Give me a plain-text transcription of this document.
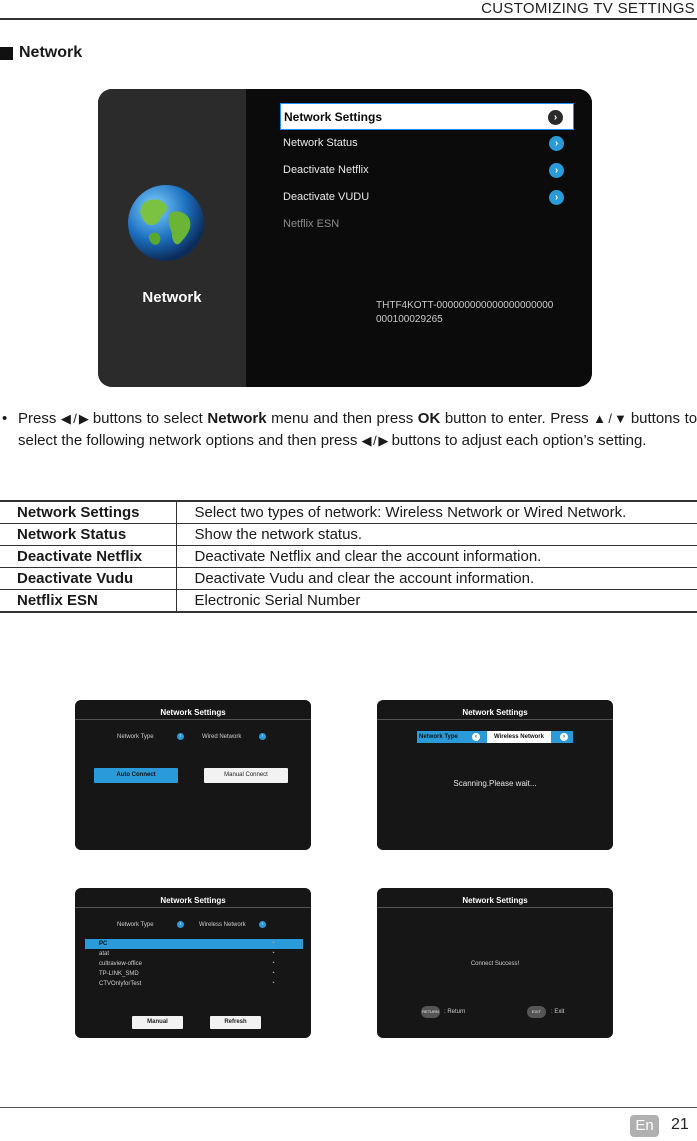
CUSTOMIZING TV SETTINGS
Network
Network
Network Settings	›
Network Status	›
Deactivate Netflix	›
Deactivate VUDU	›
Netflix ESN
THTF4KOTT-000000000000000000000
000100029265
• Press ◀ / ▶ buttons to select Network menu and then press OK button to enter. Press ▲ / ▼ buttons to select the following network options and then press ◀ / ▶ buttons to adjust each option’s setting.

Network Settings	Select two types of network: Wireless Network or Wired Network.
Network Status	Show the network status.
Deactivate Netflix	Deactivate Netflix and clear the account information.
Deactivate Vudu	Deactivate Vudu and clear the account information.
Netflix ESN	Electronic Serial Number
Network Settings
Network Type	‹	Wired Network	›
Auto Connect	Manual Connect
Network Settings
Network Type	‹	Wireless Network	›
Scanning.Please wait...
Network Settings
Network Type	‹	Wireless Network	›
PC	◔
atat	◔
cultraview-office	◔
TP-LINK_SMD	◔
CTVOnlyforTest	◔
Manual	Refresh
Network Settings
Connect Success!
RETURN : Return	EXIT	: Exit
En	21
